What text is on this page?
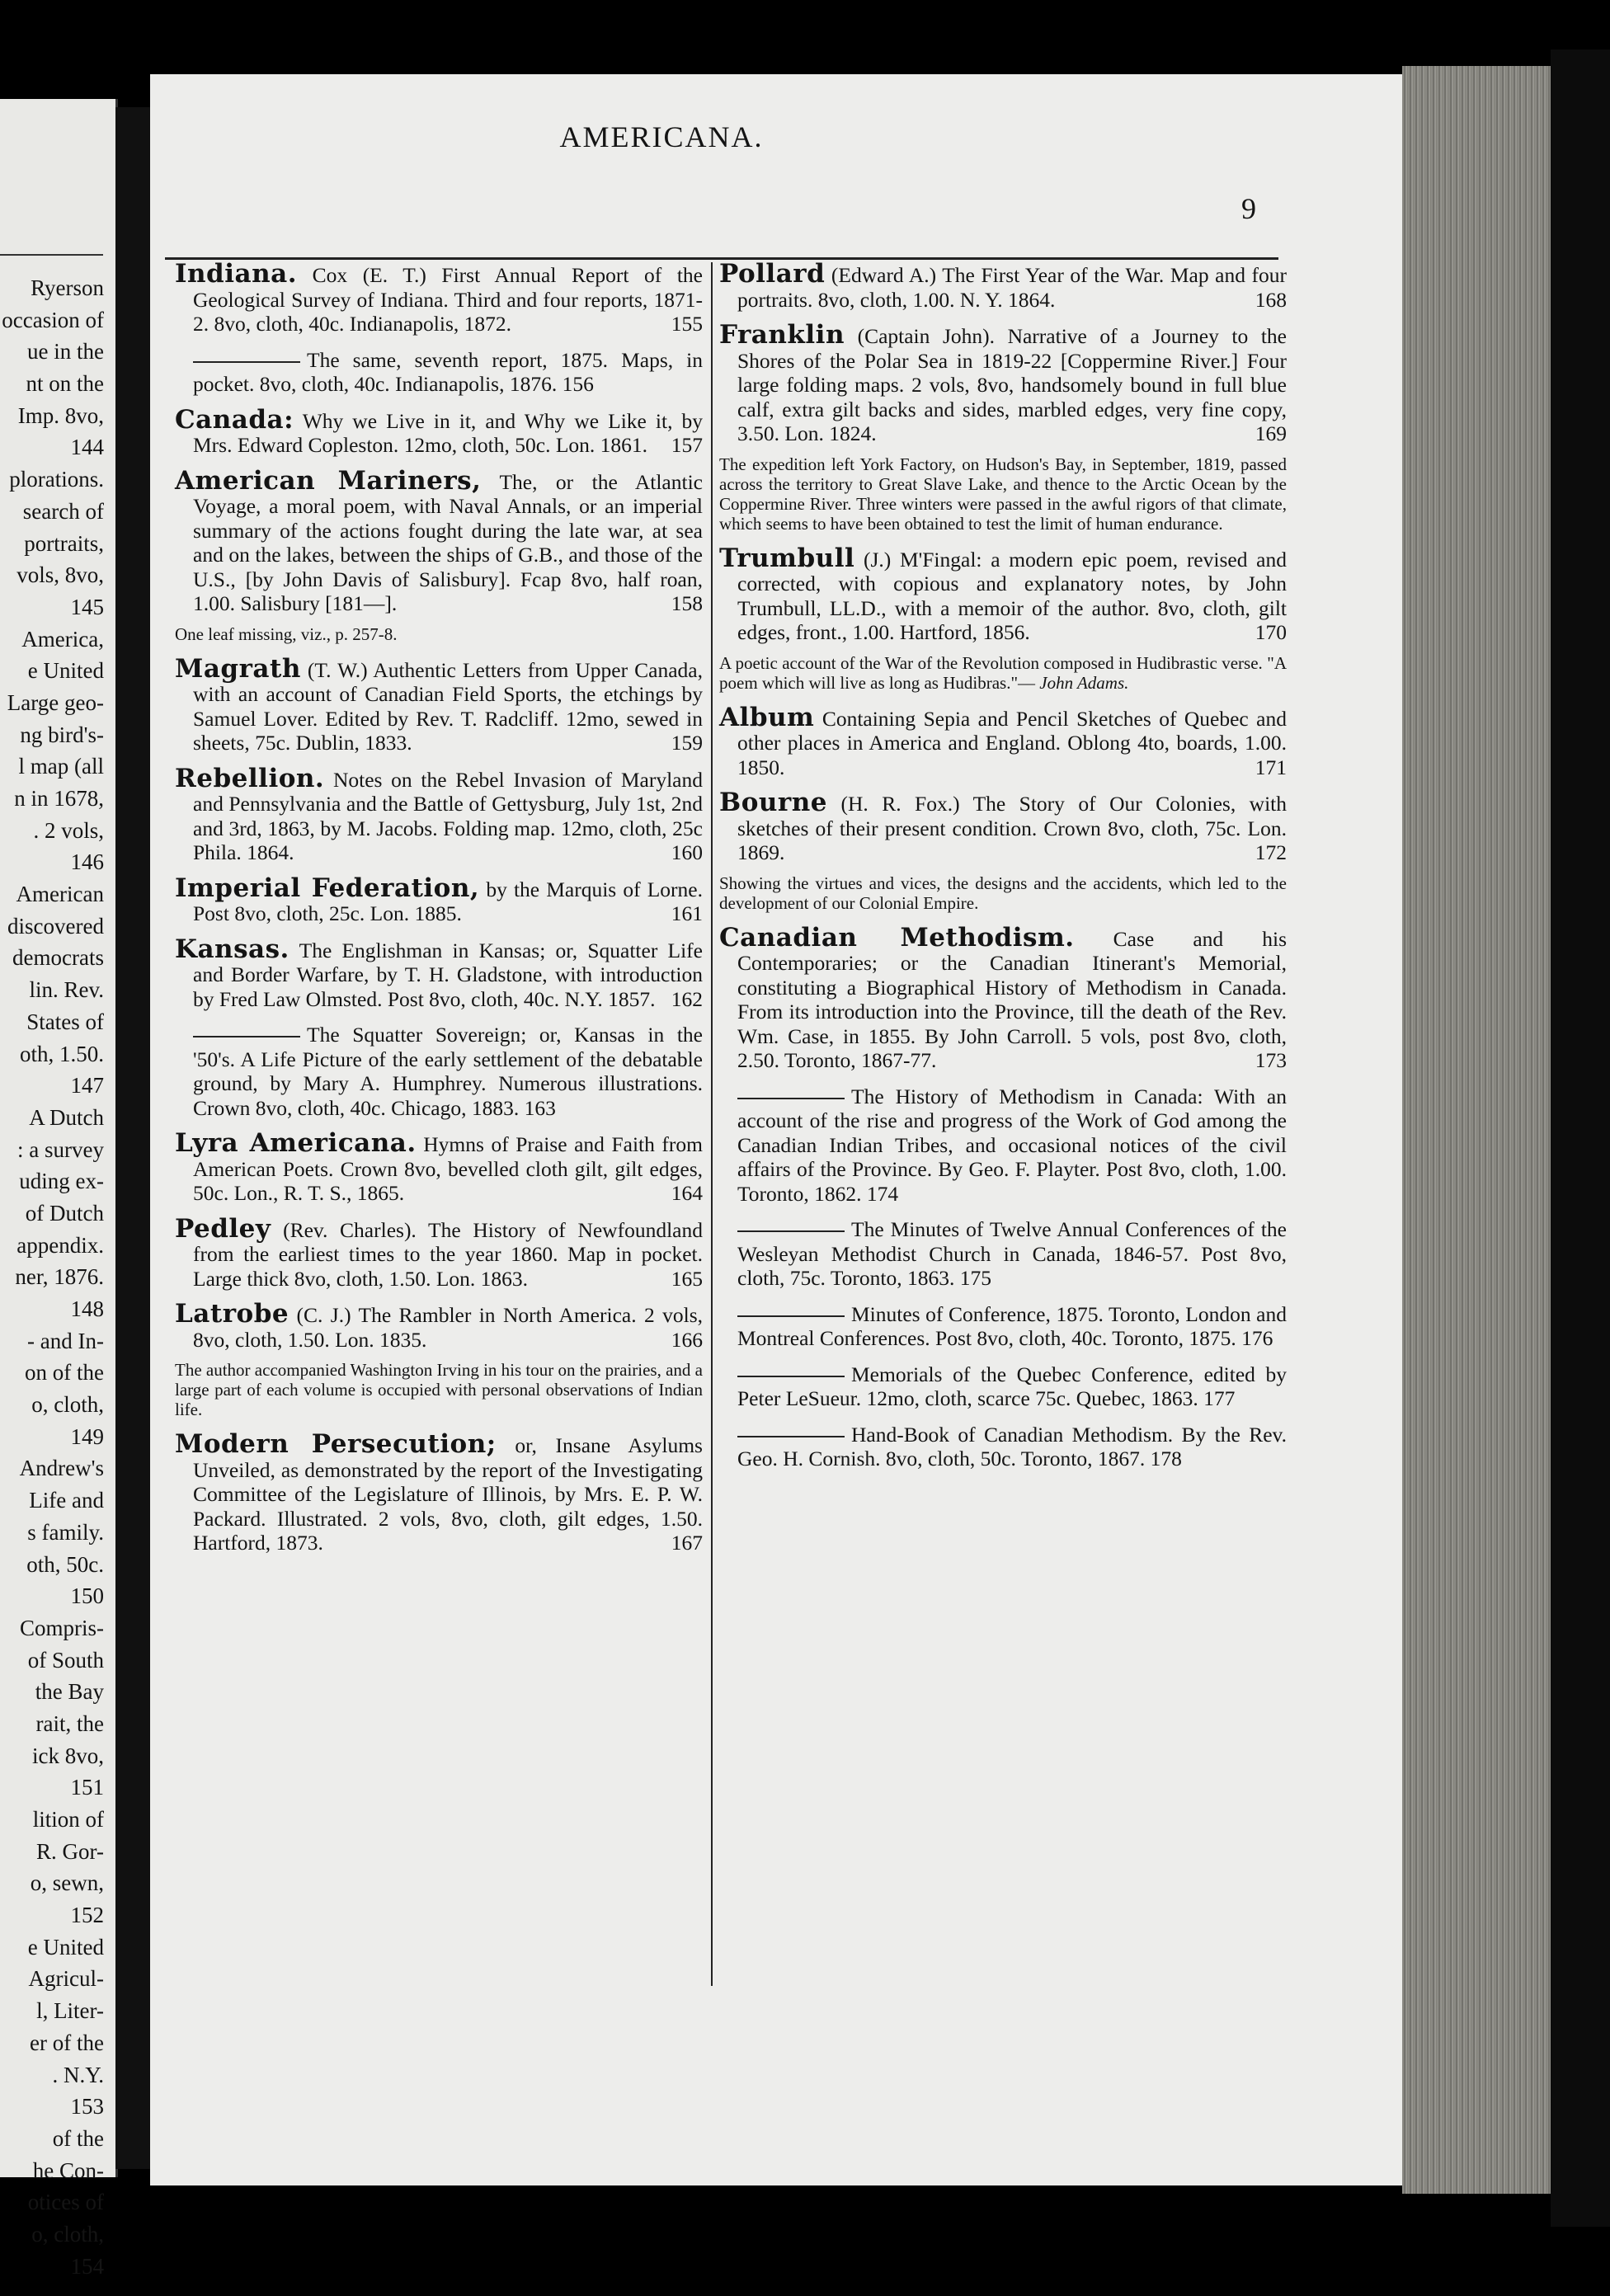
Ryerson
occasion of
ue in the
nt on the
Imp. 8vo,
144
plorations.
search of
portraits,
vols, 8vo,
145
America,
e United
Large geo-
ng bird's-
l map (all
n in 1678,
. 2 vols,
146
American
discovered
democrats
lin. Rev.
States of
oth, 1.50.
147
A Dutch
: a survey
uding ex-
of Dutch
appendix.
ner, 1876.
148
- and In-
on of the
o, cloth,
149
Andrew's
Life and
s family.
oth, 50c.
150
Compris-
of South
the Bay
rait, the
ick 8vo,
151
lition of
R. Gor-
o, sewn,
152
e United
Agricul-
l, Liter-
er of the
. N.Y.
153
of the
he Con-
otices of
o, cloth,
154
AMERICANA.
9
Indiana. Cox (E. T.) First Annual Report of the Geological Survey of Indiana. Third and four reports, 1871-2. 8vo, cloth, 40c. Indianapolis, 1872.	155
The same, seventh report, 1875. Maps, in pocket. 8vo, cloth, 40c. Indianapolis, 1876. 156
Canada: Why we Live in it, and Why we Like it, by Mrs. Edward Copleston. 12mo, cloth, 50c. Lon. 1861. 157
American Mariners, The, or the Atlantic Voyage, a moral poem, with Naval Annals, or an imperial summary of the actions fought during the late war, at sea and on the lakes, between the ships of G.B., and those of the U.S., [by John Davis of Salisbury]. Fcap 8vo, half roan, 1.00. Salisbury [181—].	158
One leaf missing, viz., p. 257-8.
Magrath (T. W.) Authentic Letters from Upper Canada, with an account of Canadian Field Sports, the etchings by Samuel Lover. Edited by Rev. T. Radcliff. 12mo, sewed in sheets, 75c. Dublin, 1833.	159
Rebellion. Notes on the Rebel Invasion of Maryland and Pennsylvania and the Battle of Gettysburg, July 1st, 2nd and 3rd, 1863, by M. Jacobs. Folding map. 12mo, cloth, 25c Phila. 1864.	160
Imperial Federation, by the Marquis of Lorne. Post 8vo, cloth, 25c. Lon. 1885.	161
Kansas. The Englishman in Kansas; or, Squatter Life and Border Warfare, by T. H. Gladstone, with introduction by Fred Law Olmsted. Post 8vo, cloth, 40c. N.Y. 1857. 162
The Squatter Sovereign; or, Kansas in the '50's. A Life Picture of the early settlement of the debatable ground, by Mary A. Humphrey. Numerous illustrations. Crown 8vo, cloth, 40c. Chicago, 1883. 163
Lyra Americana. Hymns of Praise and Faith from American Poets. Crown 8vo, bevelled cloth gilt, gilt edges, 50c. Lon., R. T. S., 1865.	164
Pedley (Rev. Charles). The History of Newfoundland from the earliest times to the year 1860. Map in pocket. Large thick 8vo, cloth, 1.50. Lon. 1863.	165
Latrobe (C. J.) The Rambler in North America. 2 vols, 8vo, cloth, 1.50. Lon. 1835.	166
The author accompanied Washington Irving in his tour on the prairies, and a large part of each volume is occupied with personal observations of Indian life.
Modern Persecution; or, Insane Asylums Unveiled, as demonstrated by the report of the Investigating Committee of the Legislature of Illinois, by Mrs. E. P. W. Packard. Illustrated. 2 vols, 8vo, cloth, gilt edges, 1.50. Hartford, 1873.	167
Pollard (Edward A.) The First Year of the War. Map and four portraits. 8vo, cloth, 1.00. N. Y. 1864.	168
Franklin (Captain John). Narrative of a Journey to the Shores of the Polar Sea in 1819-22 [Coppermine River.] Four large folding maps. 2 vols, 8vo, handsomely bound in full blue calf, extra gilt backs and sides, marbled edges, very fine copy, 3.50. Lon. 1824.	169
The expedition left York Factory, on Hudson's Bay, in September, 1819, passed across the territory to Great Slave Lake, and thence to the Arctic Ocean by the Coppermine River. Three winters were passed in the awful rigors of that climate, which seems to have been obtained to test the limit of human endurance.
Trumbull (J.) M'Fingal: a modern epic poem, revised and corrected, with copious and explanatory notes, by John Trumbull, LL.D., with a memoir of the author. 8vo, cloth, gilt edges, front., 1.00. Hartford, 1856.	170
A poetic account of the War of the Revolution composed in Hudibrastic verse. "A poem which will live as long as Hudibras."— John Adams.
Album Containing Sepia and Pencil Sketches of Quebec and other places in America and England. Oblong 4to, boards, 1.00. 1850.	171
Bourne (H. R. Fox.) The Story of Our Colonies, with sketches of their present condition. Crown 8vo, cloth, 75c. Lon. 1869.	172
Showing the virtues and vices, the designs and the accidents, which led to the development of our Colonial Empire.
Canadian Methodism. Case and his Contemporaries; or the Canadian Itinerant's Memorial, constituting a Biographical History of Methodism in Canada. From its introduction into the Province, till the death of the Rev. Wm. Case, in 1855. By John Carroll. 5 vols, post 8vo, cloth, 2.50. Toronto, 1867-77.	173
The History of Methodism in Canada: With an account of the rise and progress of the Work of God among the Canadian Indian Tribes, and occasional notices of the civil affairs of the Province. By Geo. F. Playter. Post 8vo, cloth, 1.00. Toronto, 1862. 174
The Minutes of Twelve Annual Conferences of the Wesleyan Methodist Church in Canada, 1846-57. Post 8vo, cloth, 75c. Toronto, 1863. 175
Minutes of Conference, 1875. Toronto, London and Montreal Conferences. Post 8vo, cloth, 40c. Toronto, 1875. 176
Memorials of the Quebec Conference, edited by Peter LeSueur. 12mo, cloth, scarce 75c. Quebec, 1863. 177
Hand-Book of Canadian Methodism. By the Rev. Geo. H. Cornish. 8vo, cloth, 50c. Toronto, 1867. 178
